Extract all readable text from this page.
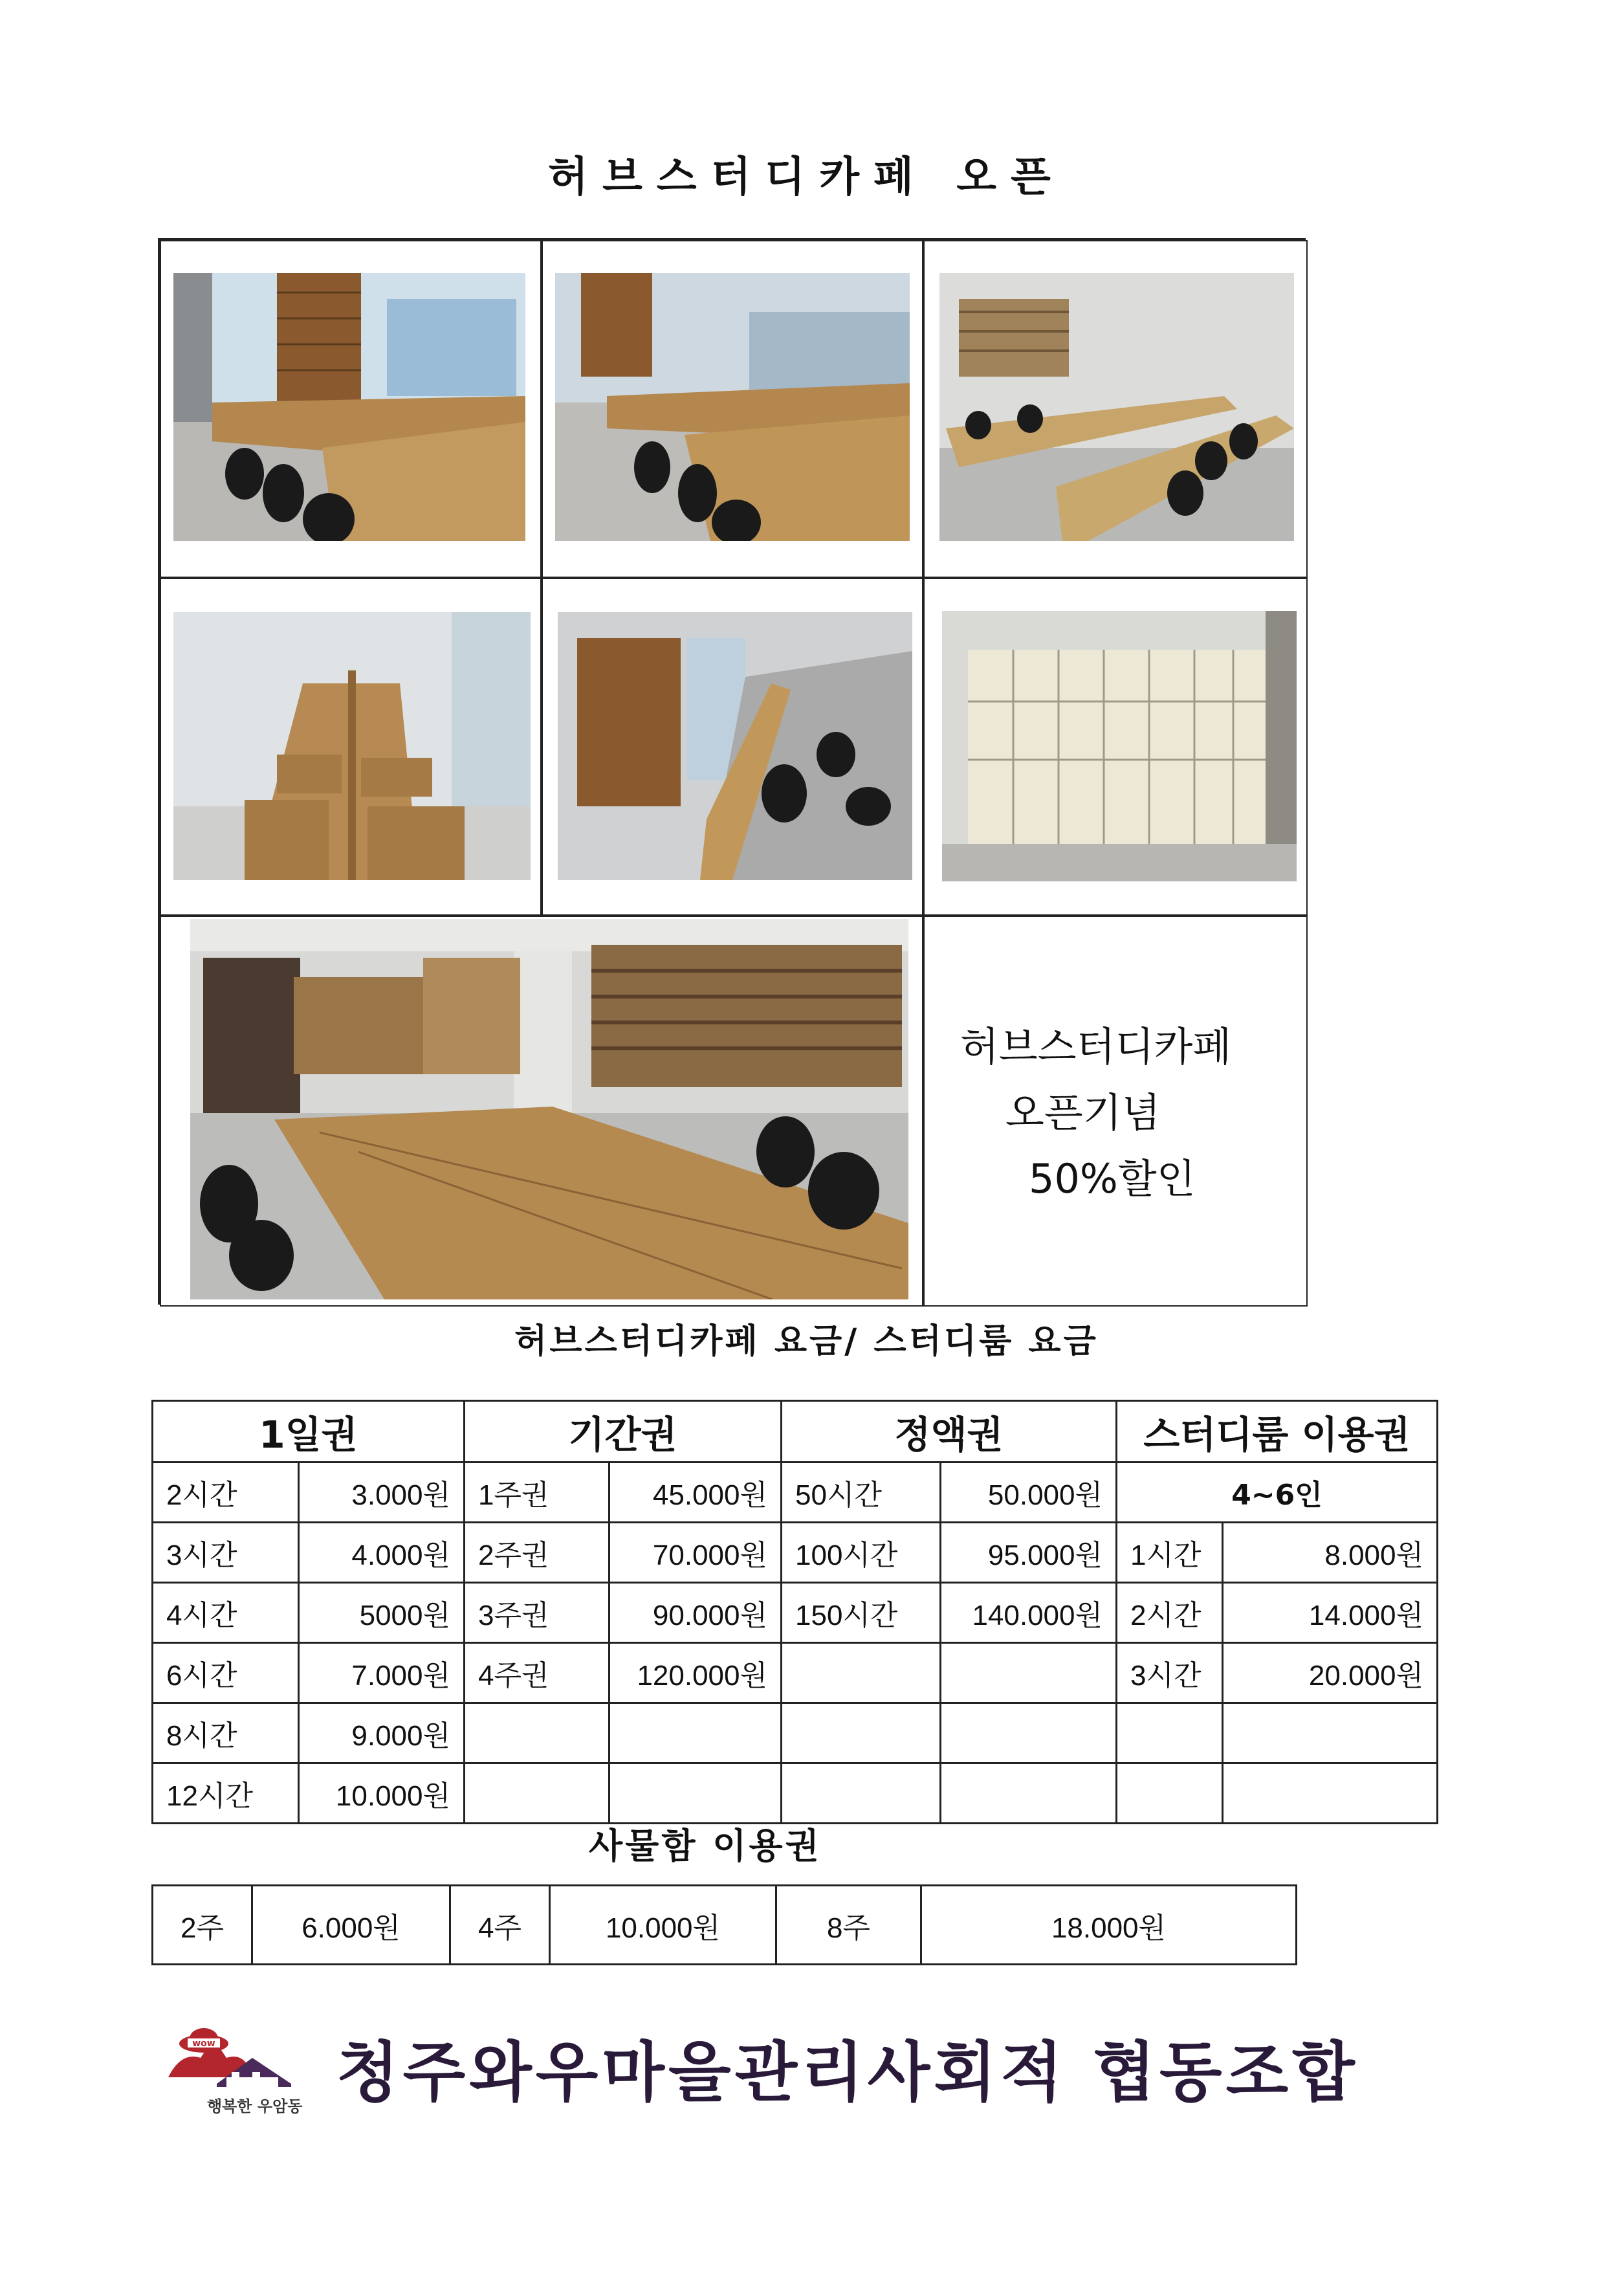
허브스터디카페 오픈
허브스터디카페
오픈기념
50%할인
허브스터디카페 요금/ 스터디룸 요금
1일권		기간권		정액권		스터디룸 이용권	
2시간	3.000원	1주권	45.000원	50시간	50.000원	4~6인	
3시간	4.000원	2주권	70.000원	100시간	95.000원	1시간	8.000원
4시간	5000원	3주권	90.000원	150시간	140.000원	2시간	14.000원
6시간	7.000원	4주권	120.000원			3시간	20.000원
8시간	9.000원						
12시간	10.000원						
사물함 이용권
2주	6.000원	4주	10.000원	8주	18.000원
wow
행복한 우암동 청주와우마을관리사회적 협동조합
